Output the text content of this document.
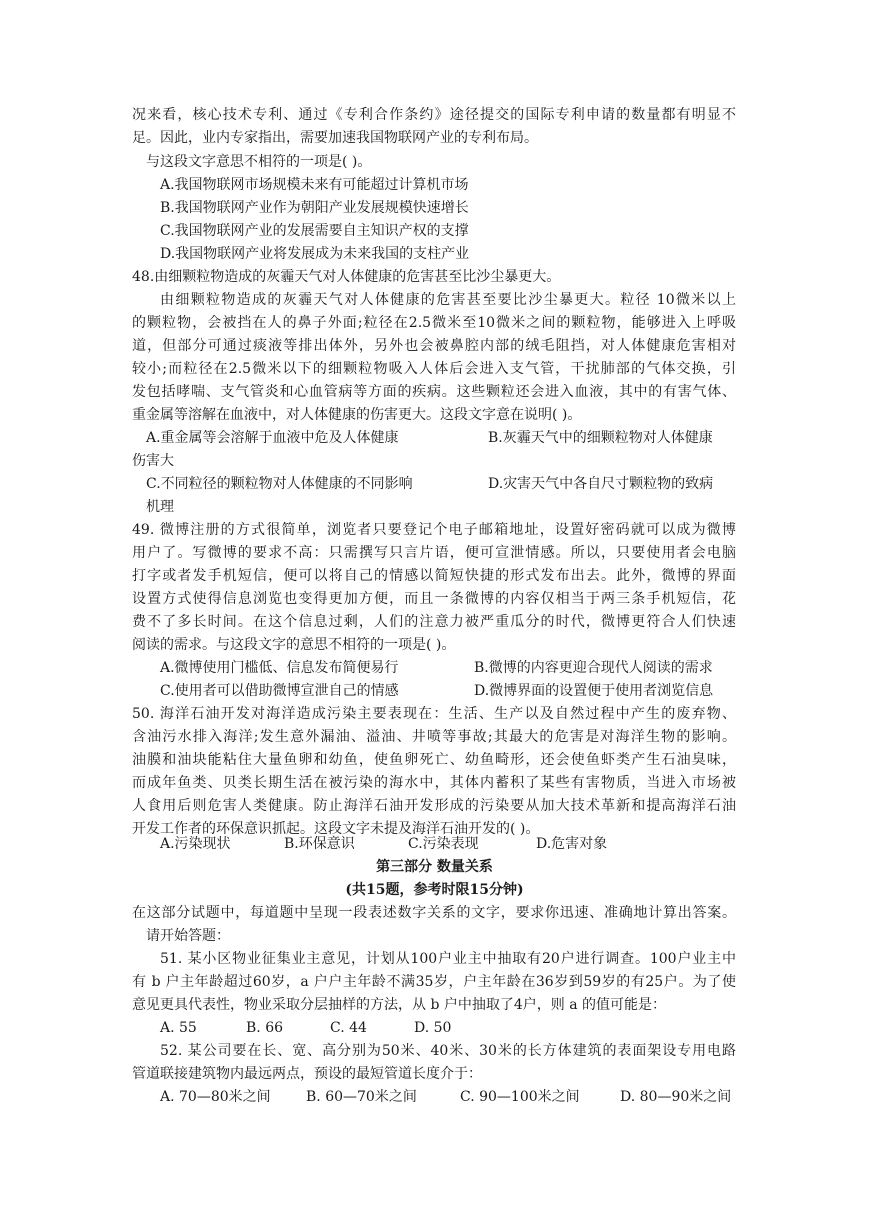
况来看，核心技术专利、通过《专利合作条约》途径提交的国际专利申请的数量都有明显不
足。因此，业内专家指出，需要加速我国物联网产业的专利布局。
与这段文字意思不相符的一项是( )。
A.我国物联网市场规模未来有可能超过计算机市场
B.我国物联网产业作为朝阳产业发展规模快速增长
C.我国物联网产业的发展需要自主知识产权的支撑
D.我国物联网产业将发展成为未来我国的支柱产业
48.由细颗粒物造成的灰霾天气对人体健康的危害甚至比沙尘暴更大。
由细颗粒物造成的灰霾天气对人体健康的危害甚至要比沙尘暴更大。粒径 10微米以上
的颗粒物，会被挡在人的鼻子外面;粒径在2.5微米至10微米之间的颗粒物，能够进入上呼吸
道，但部分可通过痰液等排出体外，另外也会被鼻腔内部的绒毛阻挡，对人体健康危害相对
较小;而粒径在2.5微米以下的细颗粒物吸入人体后会进入支气管，干扰肺部的气体交换，引
发包括哮喘、支气管炎和心血管病等方面的疾病。这些颗粒还会进入血液，其中的有害气体、
重金属等溶解在血液中，对人体健康的伤害更大。这段文字意在说明( )。
A.重金属等会溶解于血液中危及人体健康	B.灰霾天气中的细颗粒物对人体健康
伤害大
C.不同粒径的颗粒物对人体健康的不同影响	D.灾害天气中各自尺寸颗粒物的致病
机理
49. 微博注册的方式很简单，浏览者只要登记个电子邮箱地址，设置好密码就可以成为微博
用户了。写微博的要求不高：只需撰写只言片语，便可宣泄情感。所以，只要使用者会电脑
打字或者发手机短信，便可以将自己的情感以简短快捷的形式发布出去。此外，微博的界面
设置方式使得信息浏览也变得更加方便，而且一条微博的内容仅相当于两三条手机短信，花
费不了多长时间。在这个信息过剩，人们的注意力被严重瓜分的时代，微博更符合人们快速
阅读的需求。与这段文字的意思不相符的一项是( )。
A.微博使用门槛低、信息发布简便易行	B.微博的内容更迎合现代人阅读的需求
C.使用者可以借助微博宣泄自己的情感	D.微博界面的设置便于使用者浏览信息
50. 海洋石油开发对海洋造成污染主要表现在：生活、生产以及自然过程中产生的废弃物、
含油污水排入海洋;发生意外漏油、溢油、井喷等事故;其最大的危害是对海洋生物的影响。
油膜和油块能粘住大量鱼卵和幼鱼，使鱼卵死亡、幼鱼畸形，还会使鱼虾类产生石油臭味，
而成年鱼类、贝类长期生活在被污染的海水中，其体内蓄积了某些有害物质，当进入市场被
人食用后则危害人类健康。防止海洋石油开发形成的污染要从加大技术革新和提高海洋石油
开发工作者的环保意识抓起。这段文字未提及海洋石油开发的( )。
A.污染现状	B.环保意识	C.污染表现	D.危害对象
第三部分 数量关系
(共15题，参考时限15分钟)
在这部分试题中，每道题中呈现一段表述数字关系的文字，要求你迅速、准确地计算出答案。
请开始答题：
51. 某小区物业征集业主意见，计划从100户业主中抽取有20户进行调查。100户业主中
有 b 户主年龄超过60岁，a 户户主年龄不满35岁，户主年龄在36岁到59岁的有25户。为了使
意见更具代表性，物业采取分层抽样的方法，从 b 户中抽取了4户，则 a 的值可能是：
A. 55	B. 66	C. 44	D. 50
52. 某公司要在长、宽、高分别为50米、40米、30米的长方体建筑的表面架设专用电路
管道联接建筑物内最远两点，预设的最短管道长度介于：
A. 70—80米之间	B. 60—70米之间	C. 90—100米之间	D. 80—90米之间
